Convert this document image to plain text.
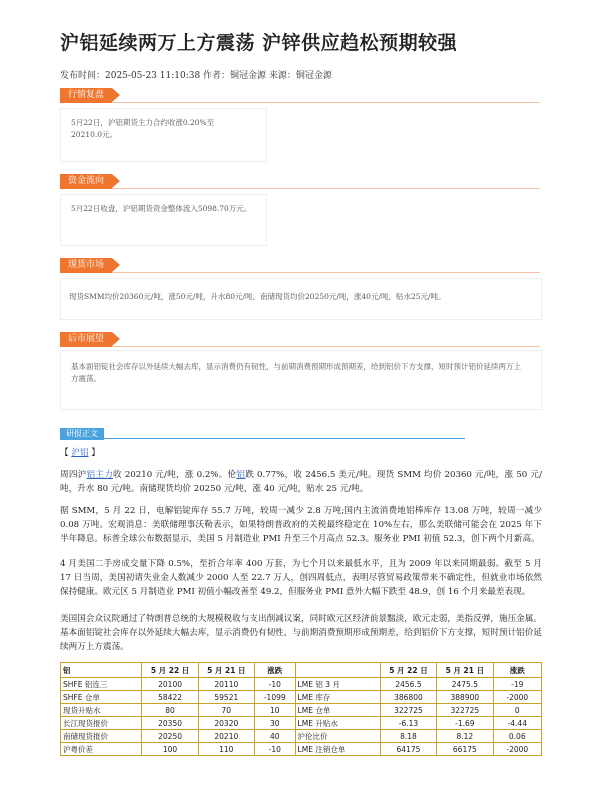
沪铝延续两万上方震荡 沪锌供应趋松预期较强
发布时间：2025-05-23 11:10:38 作者：铜冠金源 来源：铜冠金源
行情复盘
5月22日，沪铝期货主力合约收涨0.20%至20210.0元。
资金流向
5月22日收盘，沪铝期货资金整体流入5098.70万元。
现货市场
现货SMM均价20360元/吨，涨50元/吨，升水80元/吨。南储现货均价20250元/吨，涨40元/吨，贴水25元/吨。
后市展望
基本面铝锭社会库存以外延续大幅去库，显示消费仍有韧性，与前期消费预期形成预期差，给到铝价下方支撑，短时预计铝价延续两万上方震荡。
研报正文
【 沪铝 】
周四沪铝主力收 20210 元/吨，涨 0.2%。伦铝跌 0.77%，收 2456.5 美元/吨。现货 SMM 均价 20360 元/吨，涨 50 元/吨，升水 80 元/吨。南储现货均价 20250 元/吨，涨 40 元/吨，贴水 25 元/吨。
据 SMM，5 月 22 日，电解铝锭库存 55.7 万吨，较周一减少 2.8 万吨;国内主流消费地铝棒库存 13.08 万吨，较周一减少 0.08 万吨。宏观消息：美联储理事沃勒表示，如果特朗普政府的关税最终稳定在 10%左右，那么美联储可能会在 2025 年下半年降息。标普全球公布数据显示，美国 5 月制造业 PMI 升至三个月高点 52.3。服务业 PMI 初值 52.3，创下两个月新高。
4 月美国二手房成交量下降 0.5%，至折合年率 400 万套，为七个月以来最低水平，且为 2009 年以来同期最弱。截至 5 月 17 日当周，美国初请失业金人数减少 2000 人至 22.7 万人，创四周低点，表明尽管贸易政策带来不确定性，但就业市场依然保持健康。欧元区 5 月制造业 PMI 初值小幅改善至 49.2，但服务业 PMI 意外大幅下跌至 48.9，创 16 个月来最差表现。
美国国会众议院通过了特朗普总统的大规模税收与支出削减议案，同时欧元区经济前景黯淡，欧元走弱，美指反弹，施压金属。基本面铝锭社会库存以外延续大幅去库，显示消费仍有韧性，与前期消费预期形成预期差，给到铝价下方支撑，短时预计铝价延续两万上方震荡。
铝	5 月 22 日	5 月 21 日	涨跌		5 月 22 日	5 月 21 日	涨跌
SHFE 铝连三	20100	20110	-10	LME 铝 3 月	2456.5	2475.5	-19
SHFE 仓单	58422	59521	-1099	LME 库存	386800	388900	-2000
现货升贴水	80	70	10	LME 仓单	322725	322725	0
长江现货报价	20350	20320	30	LME 升贴水	-6.13	-1.69	-4.44
南储现货报价	20250	20210	40	沪伦比价	8.18	8.12	0.06
沪粤价差	100	110	-10	LME 注销仓单	64175	66175	-2000
